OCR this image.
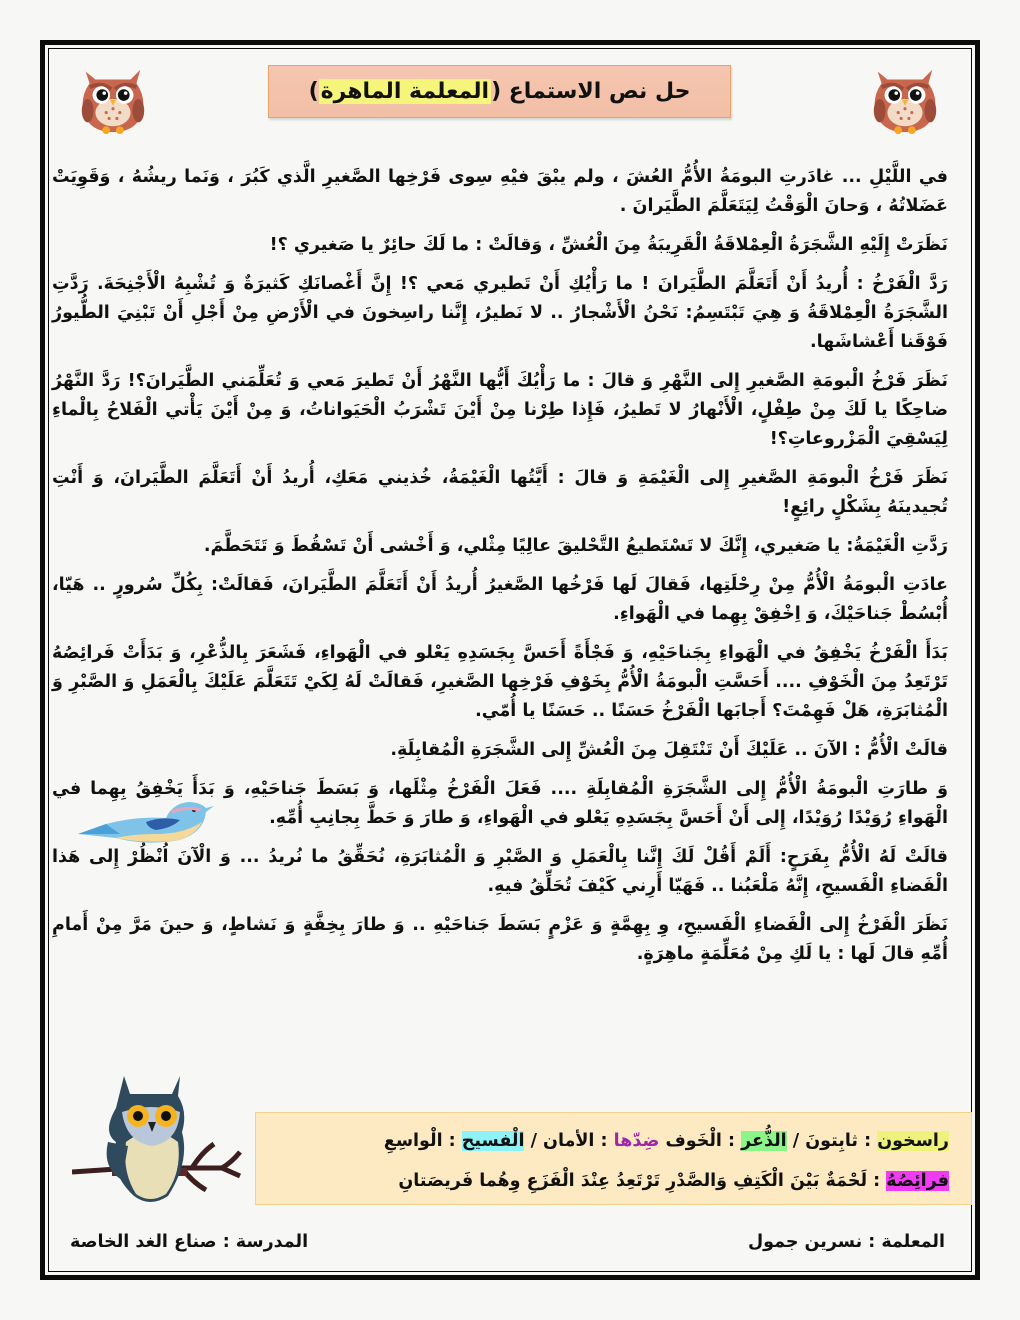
حل نص الاستماع (
المعلمة الماهرة
)

في اللَّيْلِ ... غادَرتِ البومَةُ الأُمُّ العُشَ ، ولم يبْقَ فيْهِ سِوى فَرْخِها الصَّغيرِ الَّذي كَبُرَ ، وَنَما ريشُهُ ، وَقَوِيَتْ عَضَلاتُهُ ، وَحانَ الْوَقْتُ لِيَتَعَلَّمَ الطَّيَرانَ .

نَظَرَتْ إِلَيْهِ الشَّجَرَةُ الْعِمْلاقَةُ الْقَرِيبَةُ مِنَ الْعُشِّ ، وَقالَتْ : ما لَكَ حائِرٌ يا صَغيري ؟!

رَدَّ الْفَرْخُ : أُريدُ أَنْ أَتَعَلَّمَ الطَّيَرانَ ! ما رَأْيُكِ أَنْ تَطيري مَعي ؟! إِنَّ أَغْصانَكِ كَثيرَةٌ وَ تُشْبِهُ الْأَجْنِحَةَ. رَدَّتِ الشَّجَرَةُ الْعِمْلاقَةُ وَ هِيَ تَبْتَسِمُ: نَحْنُ الْأَشْجارُ .. لا نَطيرُ، إِنَّنا راسِخونَ في الْأَرْضِ مِنْ أَجْلِ أَنْ تَبْنِيَ الطُّيورُ فَوْقَنا أَعْشاشَها.

نَظَرَ فَرْخُ الْبومَةِ الصَّغيرِ إِلى النَّهْرِ وَ قالَ : ما رَأْيُكَ أَيُّها النَّهْرُ أَنْ تَطيرَ مَعي وَ تُعَلِّمَني الطَّيَرانَ؟! رَدَّ النَّهْرُ ضاحِكًا يا لَكَ مِنْ طِفْلٍ، الْأَنْهارُ لا تَطيرُ، فَإِذا طِرْنا مِنْ أَيْنَ تَشْرَبُ الْحَيَواناتُ، وَ مِنْ أَيْنَ يَأْتي الْفَلاحُ بِالْماءِ لِيَسْقِيَ الْمَزْروعاتِ؟!

نَظَرَ فَرْخُ الْبومَةِ الصَّغيرِ إِلى الْغَيْمَةِ وَ قالَ : أَيَّتُها الْغَيْمَةُ، خُذيني مَعَكِ، أُريدُ أَنْ أَتَعَلَّمَ الطَّيَرانَ، وَ أَنْتِ تُجيدينَهُ بِشَكْلٍ رائِعٍ!

رَدَّتِ الْغَيْمَةُ: يا صَغيري، إِنَّكَ لا تَسْتَطيعُ التَّحْليقَ عالِيًا مِثْلي، وَ أَخْشى أَنْ تَسْقُطَ وَ تَتَحَطَّمَ.

عادَتِ الْبومَةُ الْأُمُّ مِنْ رِحْلَتِها، فَقالَ لَها فَرْخُها الصَّغيرُ أُريدُ أَنْ أَتَعَلَّمَ الطَّيَرانَ، فَقالَتْ: بِكُلِّ سُرورٍ .. هَيّا، أُبْسُطْ جَناحَيْكَ، وَ اِخْفِقْ بِهِما في الْهَواءِ.

بَدَأَ الْفَرْخُ يَخْفِقُ في الْهَواءِ بِجَناحَيْهِ، وَ فَجْأَةً أَحَسَّ بِجَسَدِهِ يَعْلو في الْهَواءِ، فَشَعَرَ بِالذُّعْرِ، وَ بَدَأَتْ فَرائِصُهُ تَرْتَعِدُ مِنَ الْخَوْفِ .... أَحَسَّتِ الْبومَةُ الْأُمُّ بِخَوْفِ فَرْخِها الصَّغيرِ، فَقالَتْ لَهُ لِكَيْ تَتَعَلَّمَ عَلَيْكَ بِالْعَمَلِ وَ الصَّبْرِ وَ الْمُثابَرَةِ، هَلْ فَهِمْتَ؟ أَجابَها الْفَرْخُ حَسَنًا .. حَسَنًا يا أُمّي.

قالَتْ الْأُمُّ : الآنَ .. عَلَيْكَ أَنْ تَنْتَقِلَ مِنَ الْعُشِّ إِلى الشَّجَرَةِ الْمُقابِلَةِ.

وَ طارَتِ الْبومَةُ الْأُمُّ إِلى الشَّجَرَةِ الْمُقابِلَةِ .... فَعَلَ الْفَرْخُ مِثْلَها، وَ بَسَطَ جَناحَيْهِ، وَ بَدَأَ يَخْفِقُ بِهِما في الْهَواءِ رُوَيْدًا رُوَيْدًا، إِلى أَنْ أَحَسَّ بِجَسَدِهِ يَعْلو في الْهَواءِ، وَ طارَ وَ حَطَّ بِجانِبِ أُمِّهِ.

قالَتْ لَهُ الْأُمُّ بِفَرَحٍ: أَلَمْ أَقُلْ لَكَ إِنَّنا بِالْعَمَلِ وَ الصَّبْرِ وَ الْمُثابَرَةِ، نُحَقِّقُ ما نُريدُ ... وَ الْآنَ اُنْظُرْ إِلى هَذا الْفَضاءِ الْفَسيحِ، إِنَّهُ مَلْعَبُنا .. فَهَيّا أَرِني كَيْفَ تُحَلِّقُ فيهِ.

نَظَرَ الْفَرْخُ إِلى الْفَضاءِ الْفَسيحِ، وِ بِهِمَّةٍ وَ عَزْمٍ بَسَطَ جَناحَيْهِ .. وَ طارَ بِخِفَّةٍ وَ نَشاطٍ، وَ حينَ مَرَّ مِنْ أَمامِ أُمِّهِ قالَ لَها : يا لَكِ مِنْ مُعَلِّمَةٍ ماهِرَةٍ.

راسخون : ثابِتونَ / الذُّعر : الْخَوف ضِدّها : الأمان / الْفسيح : الْواسِعِ
فرائِصُهُ : لَحْمَةٌ بَيْنَ الْكَتِفِ وَالصَّدْرِ تَرْتَعِدُ عِنْدَ الْفَزَعِ وِهُما فَريصَتانِ
المعلمة : نسرين جمول
المدرسة : صناع الغد الخاصة
